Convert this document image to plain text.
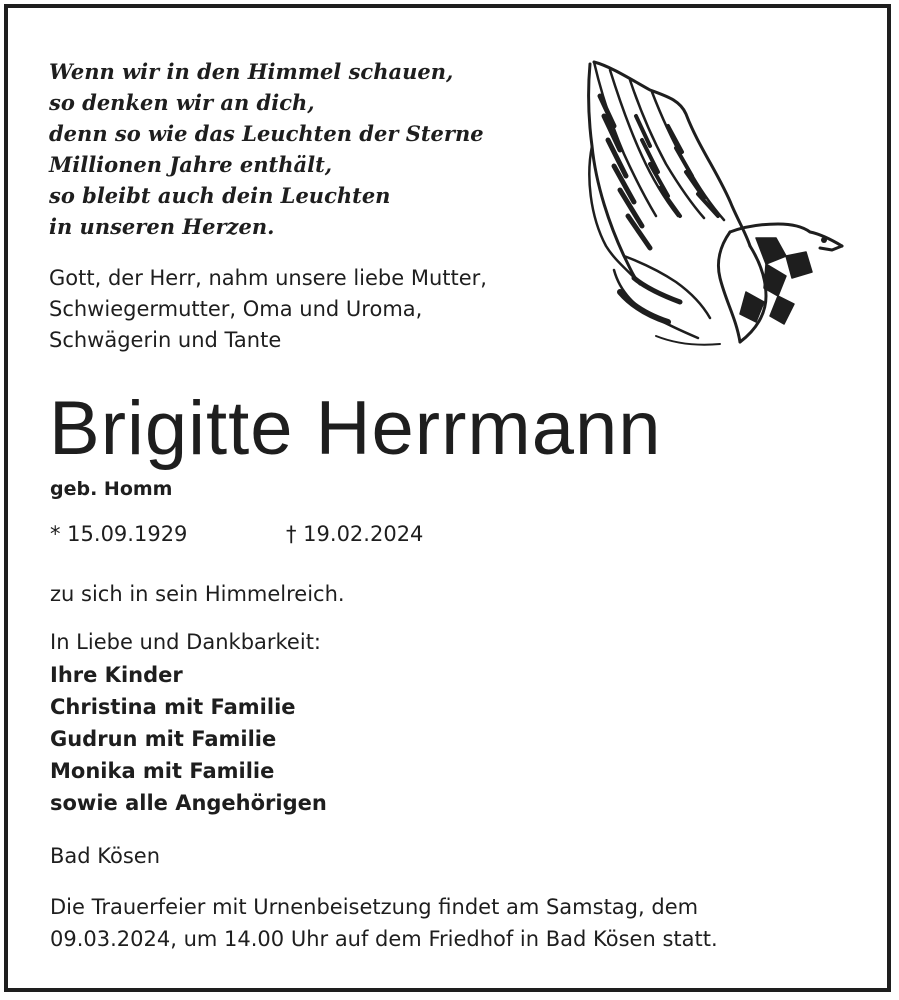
Wenn wir in den Himmel schauen,
so denken wir an dich,
denn so wie das Leuchten der Sterne
Millionen Jahre enthält,
so bleibt auch dein Leuchten
in unseren Herzen.
Gott, der Herr, nahm unsere liebe Mutter,
Schwiegermutter, Oma und Uroma,
Schwägerin und Tante
Brigitte Herrmann
geb. Homm
* 15.09.1929	† 19.02.2024
zu sich in sein Himmelreich.
In Liebe und Dankbarkeit:
Ihre Kinder
Christina mit Familie
Gudrun mit Familie
Monika mit Familie
sowie alle Angehörigen
Bad Kösen
Die Trauerfeier mit Urnenbeisetzung findet am Samstag, dem
09.03.2024, um 14.00 Uhr auf dem Friedhof in Bad Kösen statt.
